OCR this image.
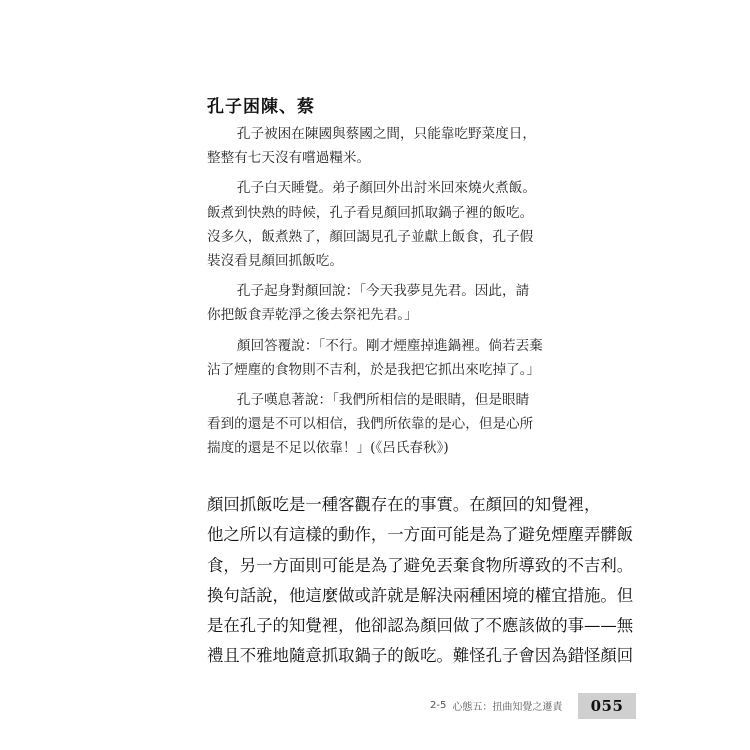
孔子困陳、蔡

孔子被困在陳國與蔡國之間，只能靠吃野菜度日，
整整有七天沒有嚐過糧米。

孔子白天睡覺。弟子顏回外出討米回來燒火煮飯。
飯煮到快熟的時候，孔子看見顏回抓取鍋子裡的飯吃。
沒多久，飯煮熟了，顏回謁見孔子並獻上飯食，孔子假
裝沒看見顏回抓飯吃。

孔子起身對顏回說：「今天我夢見先君。因此，請
你把飯食弄乾淨之後去祭祀先君。」

顏回答覆說：「不行。剛才煙塵掉進鍋裡。倘若丟棄
沾了煙塵的食物則不吉利，於是我把它抓出來吃掉了。」

孔子嘆息著說：「我們所相信的是眼睛，但是眼睛
看到的還是不可以相信，我們所依靠的是心，但是心所
揣度的還是不足以依靠！」(《呂氏春秋》)

顏回抓飯吃是一種客觀存在的事實。在顏回的知覺裡，
他之所以有這樣的動作，一方面可能是為了避免煙塵弄髒飯
食，另一方面則可能是為了避免丟棄食物所導致的不吉利。
換句話說，他這麼做或許就是解決兩種困境的權宜措施。但
是在孔子的知覺裡，他卻認為顏回做了不應該做的事——無
禮且不雅地隨意抓取鍋子的飯吃。難怪孔子會因為錯怪顏回
2-5 心態五：扭曲知覺之遷責 055
